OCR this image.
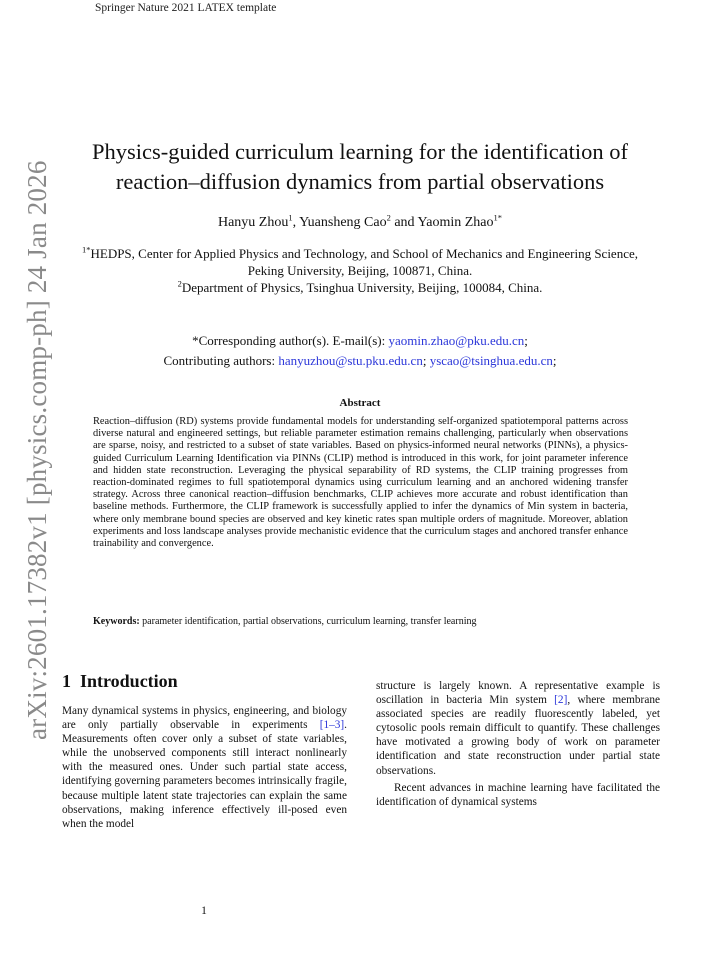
Springer Nature 2021 LATEX template
arXiv:2601.17382v1 [physics.comp-ph] 24 Jan 2026
Physics-guided curriculum learning for the identification of reaction–diffusion dynamics from partial observations
Hanyu Zhou$^1$, Yuansheng Cao$^2$ and Yaomin Zhao$^{1*}$
$^{1*}$HEDPS, Center for Applied Physics and Technology, and School of Mechanics and Engineering Science, Peking University, Beijing, 100871, China.
$^2$Department of Physics, Tsinghua University, Beijing, 100084, China.
*Corresponding author(s). E-mail(s): yaomin.zhao@pku.edu.cn;
Contributing authors: hanyuzhou@stu.pku.edu.cn; yscao@tsinghua.edu.cn;
Abstract
Reaction–diffusion (RD) systems provide fundamental models for understanding self-organized spatiotemporal patterns across diverse natural and engineered settings, but reliable parameter estimation remains challenging, particularly when observations are sparse, noisy, and restricted to a subset of state variables. Based on physics-informed neural networks (PINNs), a physics-guided Curriculum Learning Identification via PINNs (CLIP) method is introduced in this work, for joint parameter inference and hidden state reconstruction. Leveraging the physical separability of RD systems, the CLIP training progresses from reaction-dominated regimes to full spatiotemporal dynamics using curriculum learning and an anchored widening transfer strategy. Across three canonical reaction–diffusion benchmarks, CLIP achieves more accurate and robust identification than baseline methods. Furthermore, the CLIP framework is successfully applied to infer the dynamics of Min system in bacteria, where only membrane bound species are observed and key kinetic rates span multiple orders of magnitude. Moreover, ablation experiments and loss landscape analyses provide mechanistic evidence that the curriculum stages and anchored transfer enhance trainability and convergence.
Keywords: parameter identification, partial observations, curriculum learning, transfer learning
1 Introduction

Many dynamical systems in physics, engineering, and biology are only partially observable in experiments [1–3]. Measurements often cover only a subset of state variables, while the unobserved components still interact nonlinearly with the measured ones. Under such partial state access, identifying governing parameters becomes intrinsically fragile, because multiple latent state trajectories can explain the same observations, making inference effectively ill-posed even when the model

structure is largely known. A representative example is oscillation in bacteria Min system [2], where membrane associated species are readily fluorescently labeled, yet cytosolic pools remain difficult to quantify. These challenges have motivated a growing body of work on parameter identification and state reconstruction under partial state observations.

Recent advances in machine learning have facilitated the identification of dynamical systems

1
